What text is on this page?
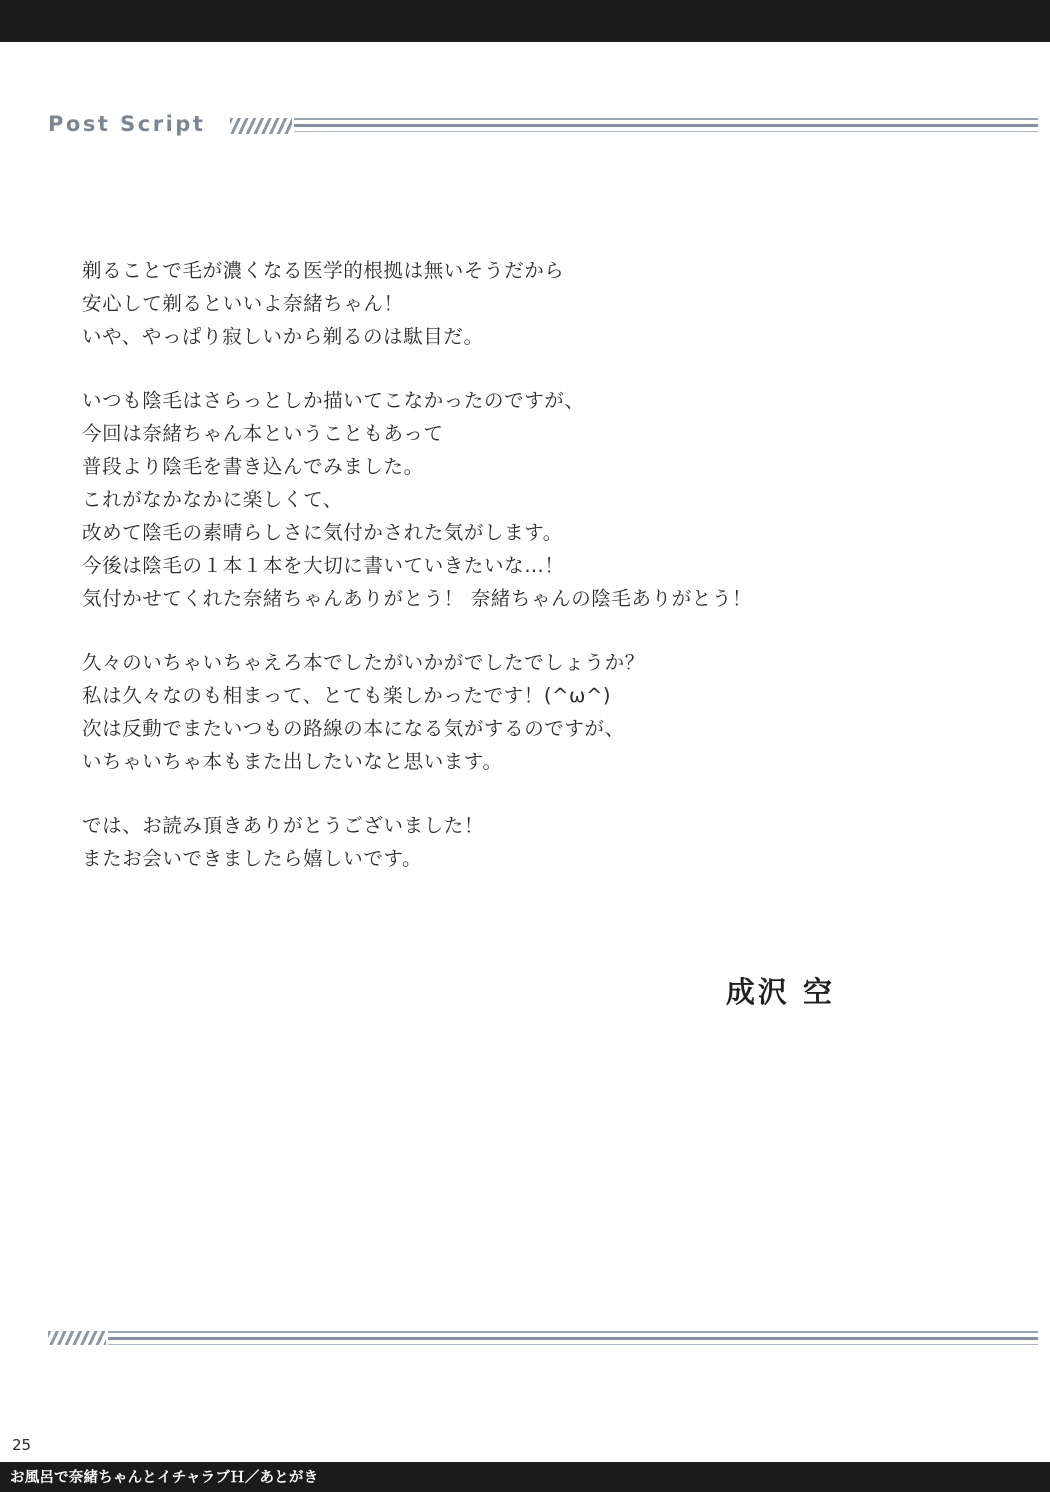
Post Script

剃ることで毛が濃くなる医学的根拠は無いそうだから
安心して剃るといいよ奈緒ちゃん！
いや、やっぱり寂しいから剃るのは駄目だ。

いつも陰毛はさらっとしか描いてこなかったのですが、
今回は奈緒ちゃん本ということもあって
普段より陰毛を書き込んでみました。
これがなかなかに楽しくて、
改めて陰毛の素晴らしさに気付かされた気がします。
今後は陰毛の１本１本を大切に書いていきたいな…！
気付かせてくれた奈緒ちゃんありがとう！ 奈緒ちゃんの陰毛ありがとう！

久々のいちゃいちゃえろ本でしたがいかがでしたでしょうか？
私は久々なのも相まって、とても楽しかったです！(^ω^)
次は反動でまたいつもの路線の本になる気がするのですが、
いちゃいちゃ本もまた出したいなと思います。

では、お読み頂きありがとうございました！
またお会いできましたら嬉しいです。

成沢 空
25
お風呂で奈緒ちゃんとイチャラブＨ／あとがき
